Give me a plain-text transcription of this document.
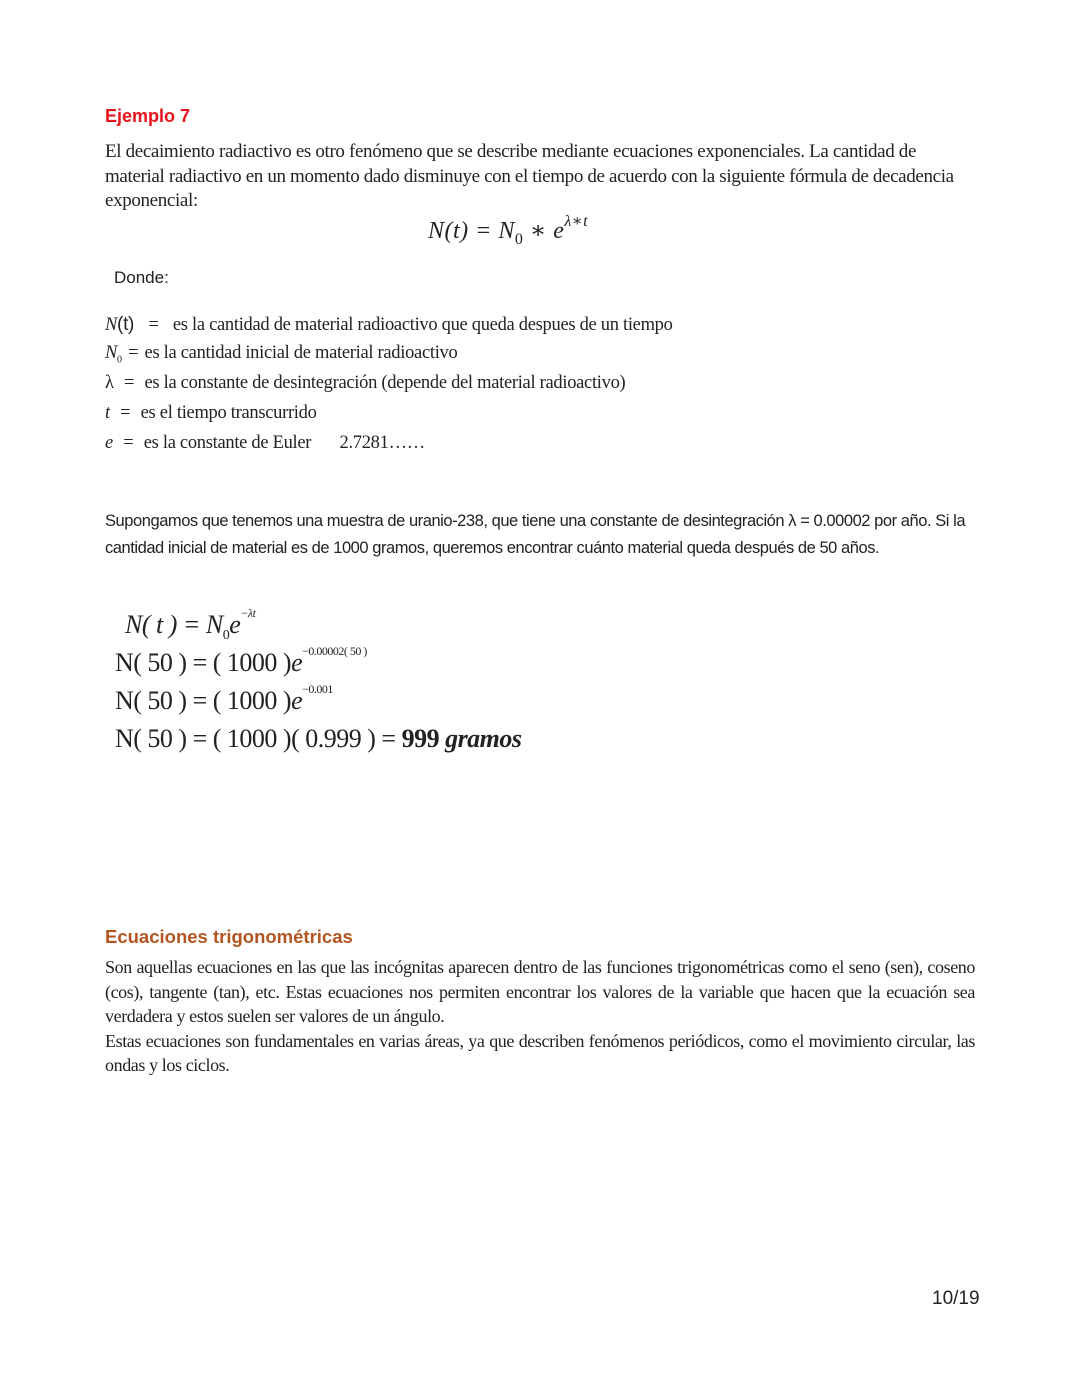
Ejemplo 7
El decaimiento radiactivo es otro fenómeno que se describe mediante ecuaciones exponenciales. La cantidad de material radiactivo en un momento dado disminuye con el tiempo de acuerdo con la siguiente fórmula de decadencia exponencial:
$N(t) = N_0$ ∗ $e^{\lambda∗t}$
Donde:
N(t) = es la cantidad de material radioactivo que queda despues de un tiempo
$N_0$ = es la cantidad inicial de material radioactivo
λ = es la constante de desintegración (depende del material radioactivo)
t = es el tiempo transcurrido
e = es la constante de Euler 2.7281……
Supongamos que tenemos una muestra de uranio-238, que tiene una constante de desintegración λ = 0.00002 por año. Si la cantidad inicial de material es de 1000 gramos, queremos encontrar cuánto material queda después de 50 años.
N( t ) = $N_0e^{-\lambda t}$
N( 50 ) = ( 1000 )$e^{-0.00002( 50 )}$
N( 50 ) = ( 1000 )$e^{-0.001}$
N( 50 ) = ( 1000 )( 0.999 ) = 999 gramos
Ecuaciones trigonométricas

Son aquellas ecuaciones en las que las incógnitas aparecen dentro de las funciones trigonométricas como el seno (sen), coseno (cos), tangente (tan), etc. Estas ecuaciones nos permiten encontrar los valores de la variable que hacen que la ecuación sea verdadera y estos suelen ser valores de un ángulo.

Estas ecuaciones son fundamentales en varias áreas, ya que describen fenómenos periódicos, como el movimiento circular, las ondas y los ciclos.

10/19
